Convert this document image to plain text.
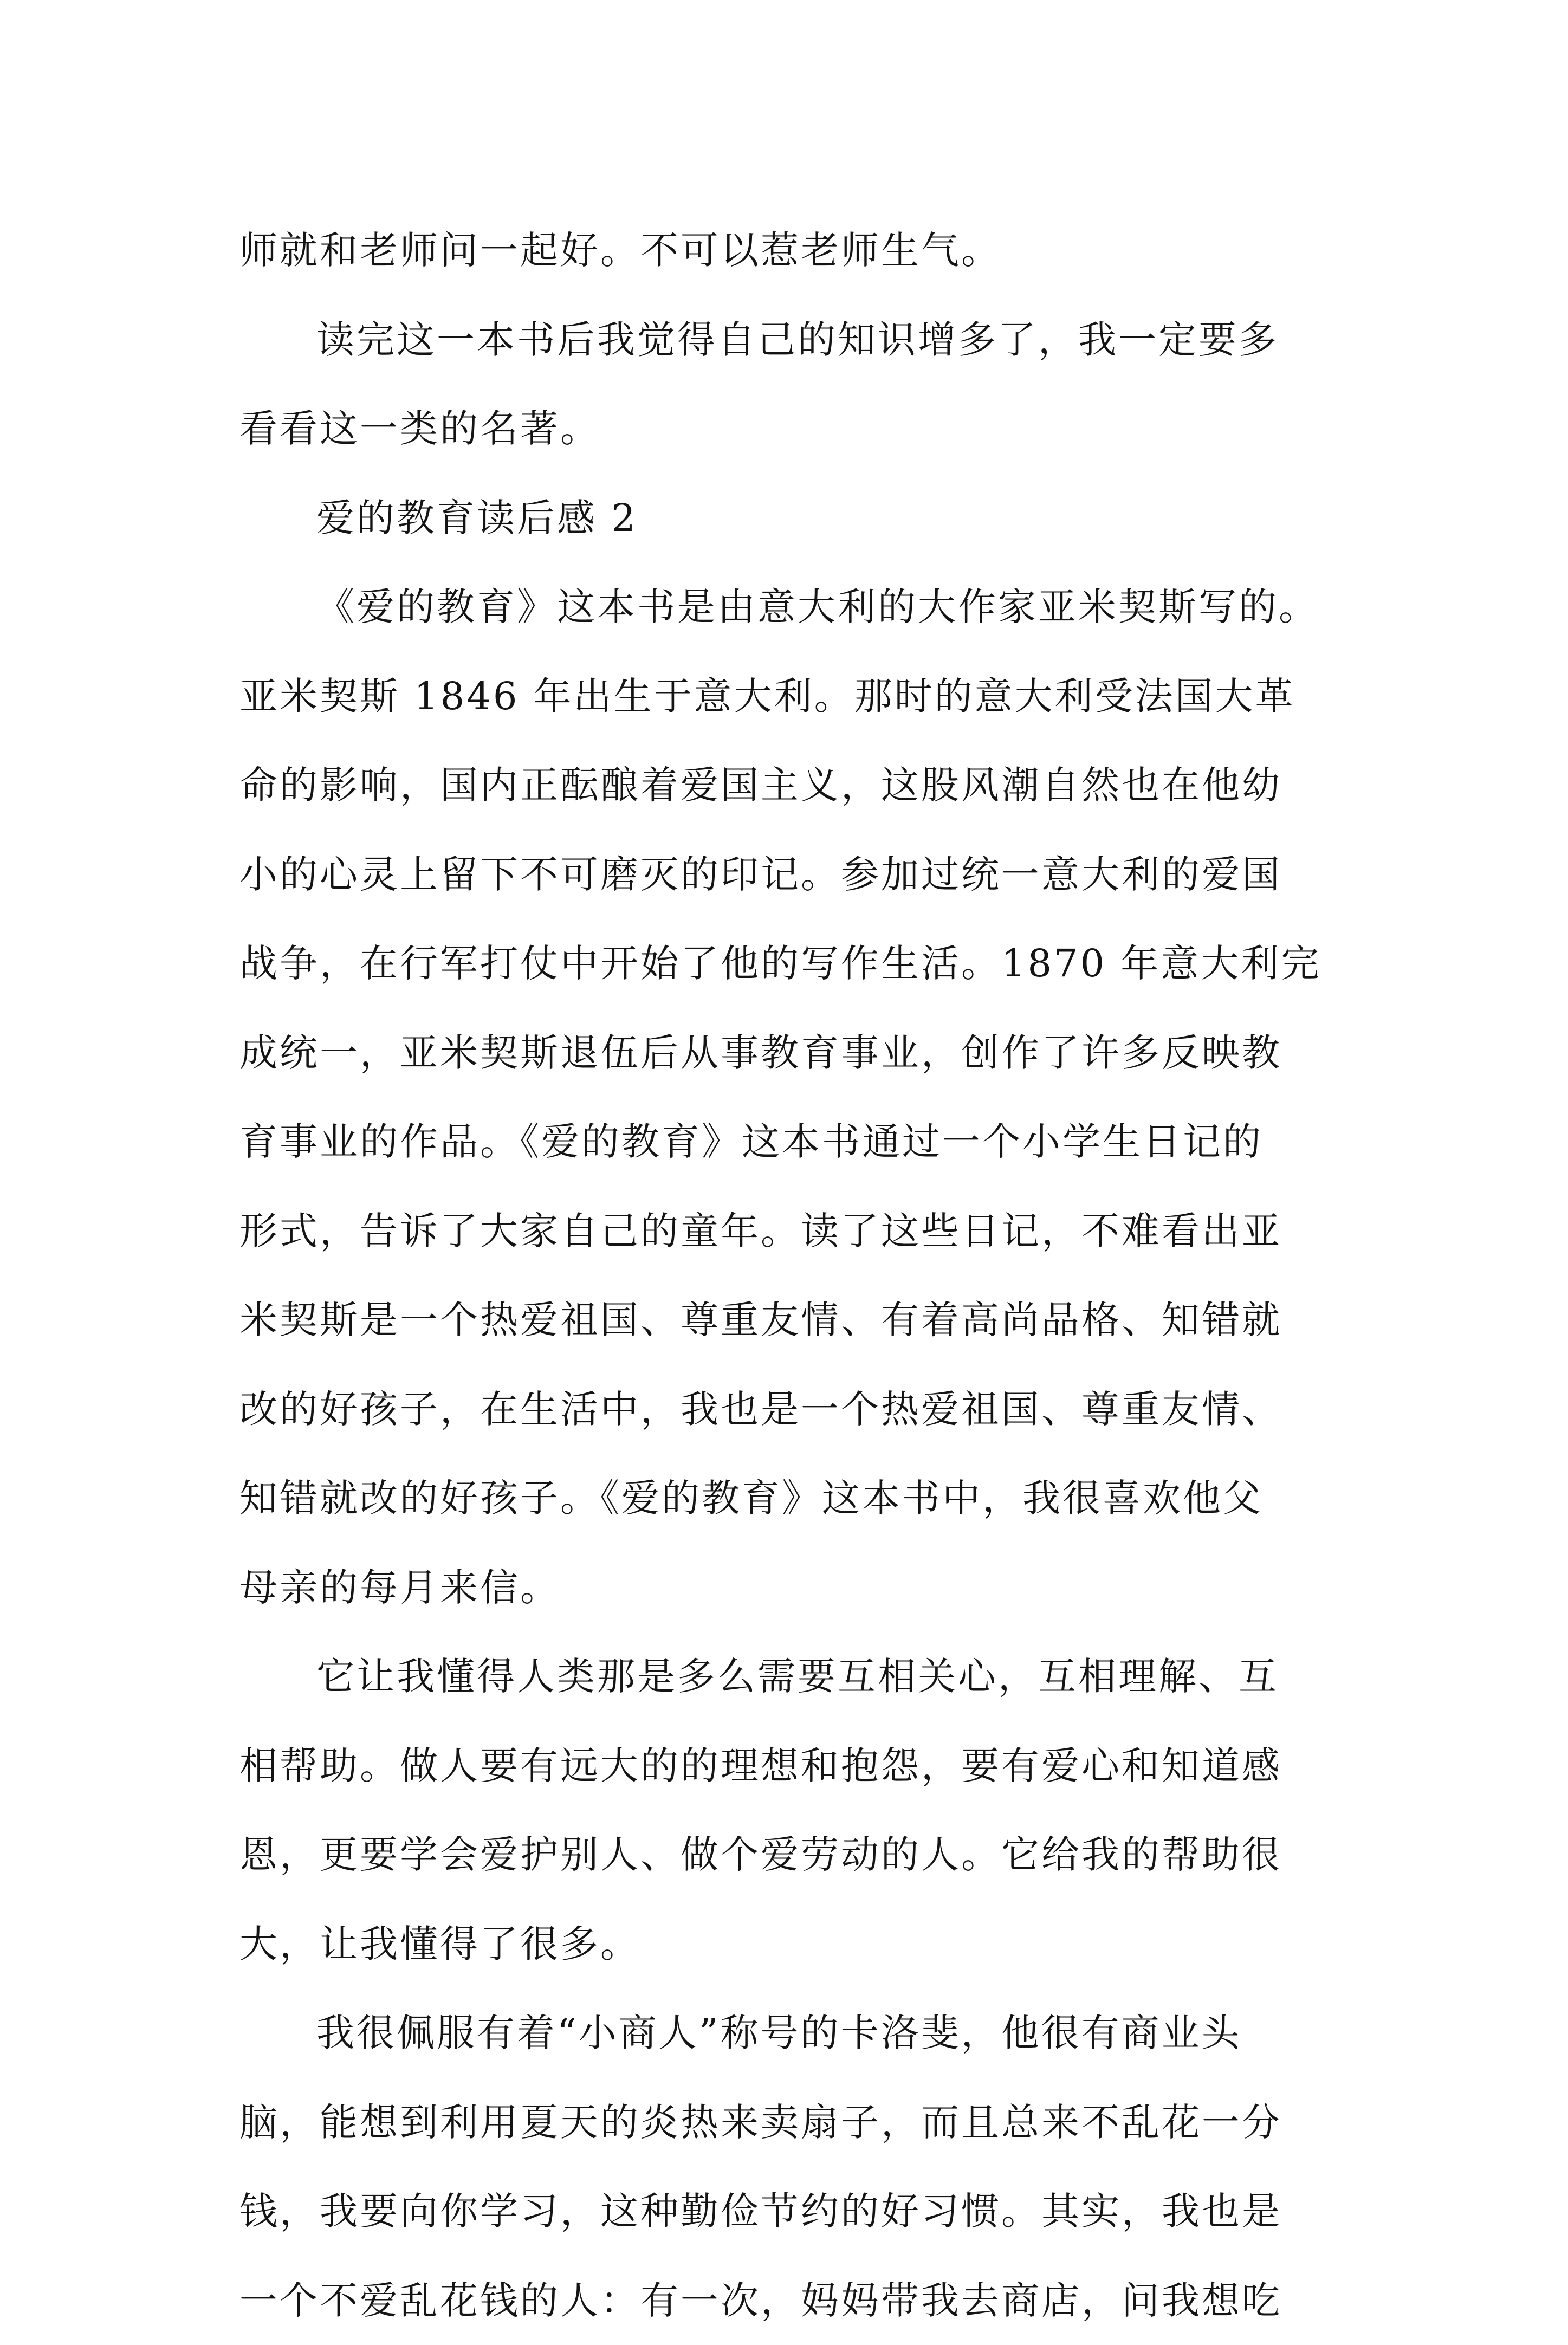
师就和老师问一起好。不可以惹老师生气。
读完这一本书后我觉得自己的知识增多了，我一定要多
看看这一类的名著。
爱的教育读后感 2
《爱的教育》这本书是由意大利的大作家亚米契斯写的。
亚米契斯 1846 年出生于意大利。那时的意大利受法国大革
命的影响，国内正酝酿着爱国主义，这股风潮自然也在他幼
小的心灵上留下不可磨灭的印记。参加过统一意大利的爱国
战争，在行军打仗中开始了他的写作生活。1870 年意大利完
成统一，亚米契斯退伍后从事教育事业，创作了许多反映教
育事业的作品。《爱的教育》这本书通过一个小学生日记的
形式，告诉了大家自己的童年。读了这些日记，不难看出亚
米契斯是一个热爱祖国、尊重友情、有着高尚品格、知错就
改的好孩子，在生活中，我也是一个热爱祖国、尊重友情、
知错就改的好孩子。《爱的教育》这本书中，我很喜欢他父
母亲的每月来信。
它让我懂得人类那是多么需要互相关心，互相理解、互
相帮助。做人要有远大的的理想和抱怨，要有爱心和知道感
恩，更要学会爱护别人、做个爱劳动的人。它给我的帮助很
大，让我懂得了很多。
我很佩服有着“小商人”称号的卡洛斐，他很有商业头
脑，能想到利用夏天的炎热来卖扇子，而且总来不乱花一分
钱，我要向你学习，这种勤俭节约的好习惯。其实，我也是
一个不爱乱花钱的人：有一次，妈妈带我去商店，问我想吃
